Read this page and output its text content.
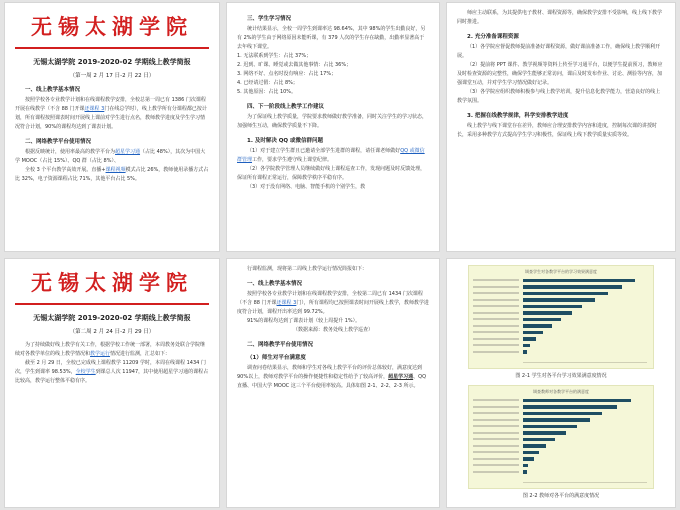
无锡太湖学院
无锡太湖学院 2019-2020-02 学期线上教学简报
（第一周 2 月 17 日-2 月 22 日）
一、线上教学基本情况
按照学校各专业教学计划和在线课程教学安排，全校总第一周已有 1386 门次课程开展在线教学（不含 88 门开课还课程 3门在线总学时），线上教学所有分课程都已按计划，所有课程按照课表时间开展线上课前对学生进行点名，教师教学进度及学生学习情况符合计划，90%的课程均达到了课表计划。
二、网络教学平台使用情况
根据反映统计，使用率最高的教学平台为超星学习通（占比 48%），其次为中国大学 MOOC（占比 15%）、QQ 群（占比 8%）、
全校 3 个平台教学高效开展。直播+课程视频模式占比 26%，教师使用录播方式占比 32%，电子资源课程占比 71%，其他平台占比 5%。
三、学生学习情况
统计结果显示，全校一周学生到课率达 98.64%，其中 98%的学生出勤良好，另有 2%的学生由于网络原因未能听课，有 379 人次的学生存在缺勤，出勤率显著高于去年线下课堂。
1. 无法联系到学生：占比 37%；
2. 迟到、旷课、睡觉或去做其他事情：占比 36%；
3. 网络不好、点名时没有响应：占比 17%；
4. 已经请过假：占比 8%；
5. 其他原因：占比 10%。
四、下一阶段线上教学工作建议
为了保证线上教学质量，学院要求教师做好教学准备，同时关注学生的学习状态，加强师生互动，确保教学质量不下降。
1. 及时解决 QQ 或微信群问题
（1）对于建立学生群且已邀请全部学生进群的课程，请任课老师做好QQ 或微信群管理工作，要求学生遵守线上课堂纪律。
（2）各学院教学管理人员继续做好线上课程巡查工作，发现问题及时反馈处理，保证所有课程正常运行，保障教学秩序平稳有序。
（3）对于没有网络、电脑、智能手机的个别学生，教
师应主动联系，为其提供电子教材、课程资源等，确保教学安排不受影响，线上线下教学同时推进。
2. 充分准备课程资源
（1）各学院应督促教师提前准备好课程资源，做好课前准备工作，确保线上教学顺利开展。
（2）提前将 PPT 课件、教学视频等资料上传至学习通平台，以便学生提前预习，教师应及时检查资源的完整性，确保学生能够正常访问，课后及时发布作业、讨论、测验等内容，加强课堂互动，并对学生学习情况做好记录。
（3）各学院应组织教师积极参与线上教学培训，提升信息化教学能力，营造良好的线上教学氛围。
3. 把握在线教学规律，科学安排教学进度
线上教学与线下课堂存在差异，教师应合理安排教学内容和进度，控制每次课的讲授时长，采用多种教学方式提高学生学习积极性，保证线上线下教学质量实质等效。
无锡太湖学院
无锡太湖学院 2019-2020-02 学期线上教学简报
（第二周 2 月 24 日-2 月 29 日）
为了持续做好线上教学有关工作，根据学校工作统一部署，本周教务处联合学院继续对各教学单位的线上教学情况和教学运行情况进行监测，汇总如下：
截至 2 月 29 日，全校已完成线上课程教学 11209 学时，本周在线课程 1434 门次，学生到课率 98.53%，全校学生到课总人次 11947，其中使用超星学习通的课程占比较高，教学运行整体平稳有序。
行课程监测，现将第二周线上教学运行情况简报如下：
一、线上教学基本情况
按照学校各专业教学计划和在线课程教学安排，全校第二周已有 1434 门次课程（不含 88 门开课还课程 3门），所有课程均已按照课表时间开展线上教学，教师教学进度符合计划，课程开出率达到 99.72%。
91%的课程均达到了课表计划（较上周提升 1%）。
（数据来源：教务处线上教学巡查）
二、网络教学平台使用情况
（1）师生对平台满意度
调查问卷结果显示，教师和学生对各线上教学平台的评价总体较好，满意度达到 90%以上，教师对教学平台的操作便捷性和稳定性给予了较高评价，超星学习通、QQ 直播、中国大学 MOOC 这三个平台使用率较高。具体如图 2-1、2-2、2-3 所示。
调查学生对各教学平台的学习效果满意度
图 2-1 学生对各平台学习效果满意度情况
调查教师对各教学平台的满意度
图 2-2 教师对各平台的满意度情况
